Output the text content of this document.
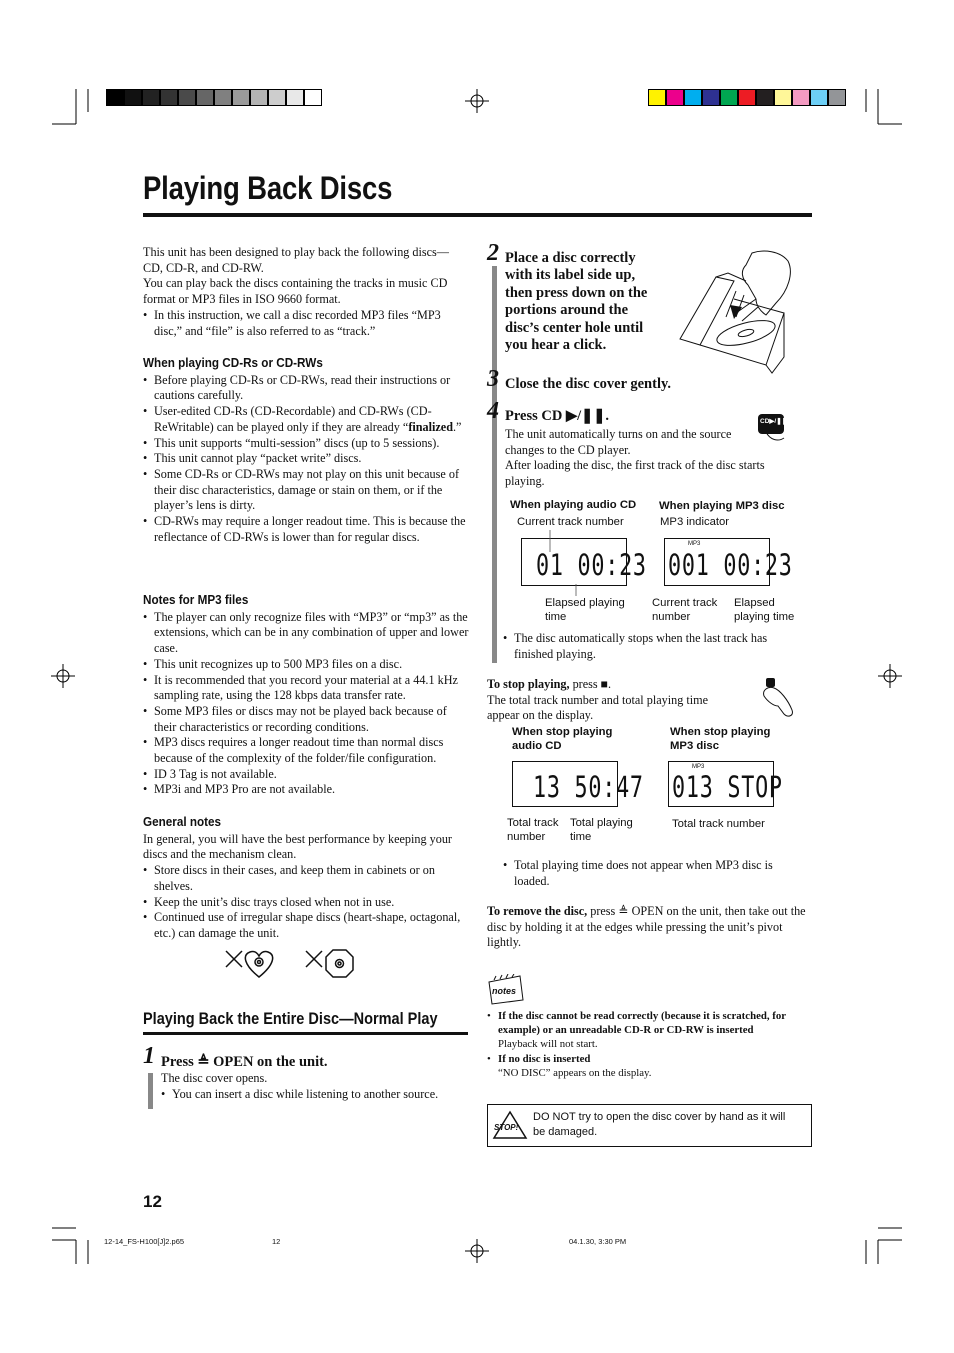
Playing Back Discs

This unit has been designed to play back the following discs—CD, CD-R, and CD-RW.

You can play back the discs containing the tracks in music CD format or MP3 files in ISO 9660 format.

• In this instruction, we call a disc recorded MP3 files “MP3 disc,” and “file” is also referred to as “track.”
When playing CD-Rs or CD-RWs
• Before playing CD-Rs or CD-RWs, read their instructions or cautions carefully.
• User-edited CD-Rs (CD-Recordable) and CD-RWs (CD-ReWritable) can be played only if they are already “finalized.”
• This unit supports “multi-session” discs (up to 5 sessions).
• This unit cannot play “packet write” discs.
• Some CD-Rs or CD-RWs may not play on this unit because of their disc characteristics, damage or stain on them, or if the player’s lens is dirty.
• CD-RWs may require a longer readout time. This is because the reflectance of CD-RWs is lower than for regular discs.
Notes for MP3 files
• The player can only recognize files with “MP3” or “mp3” as the extensions, which can be in any combination of upper and lower case.
• This unit recognizes up to 500 MP3 files on a disc.
• It is recommended that you record your material at a 44.1 kHz sampling rate, using the 128 kbps data transfer rate.
• Some MP3 files or discs may not be played back because of their characteristics or recording conditions.
• MP3 discs requires a longer readout time than normal discs because of the complexity of the folder/file configuration.
• ID 3 Tag is not available.
• MP3i and MP3 Pro are not available.
General notes

In general, you will have the best performance by keeping your discs and the mechanism clean.

• Store discs in their cases, and keep them in cabinets or on shelves.
• Keep the unit’s disc trays closed when not in use.
• Continued use of irregular shape discs (heart-shape, octagonal, etc.) can damage the unit.
Playing Back the Entire Disc—Normal Play
1 Press ≜ OPEN on the unit.

The disc cover opens.

• You can insert a disc while listening to another source.
12
12-14_FS-H100[J]2.p65	12	04.1.30, 3:30 PM
2 Place a disc correctly with its label side up, then press down on the portions around the disc’s center hole until you hear a click.
3 Close the disc cover gently.
4 Press CD ▶/❚❚.

The unit automatically turns on and the source changes to the CD player.

After loading the disc, the first track of the disc starts playing.

CD▶/❚❚
When playing audio CD
Current track number
01 00:23
Elapsed playing time
When playing MP3 disc
MP3 indicator
MP3
001 00:23
Current track number
Elapsed playing time
• The disc automatically stops when the last track has finished playing.

To stop playing, press ■.

The total track number and total playing time appear on the display.

When stop playing audio CD
13 50:47
Total track number
Total playing time
When stop playing MP3 disc
MP3
013 STOP
Total track number
• Total playing time does not appear when MP3 disc is loaded.

To remove the disc, press ≜ OPEN on the unit, then take out the disc by holding it at the edges while pressing the unit’s pivot lightly.

notes
• If the disc cannot be read correctly (because it is scratched, for example) or an unreadable CD-R or CD-RW is inserted
Playback will not start.
• If no disc is inserted
“NO DISC” appears on the display.
STOP!
DO NOT try to open the disc cover by hand as it will be damaged.
